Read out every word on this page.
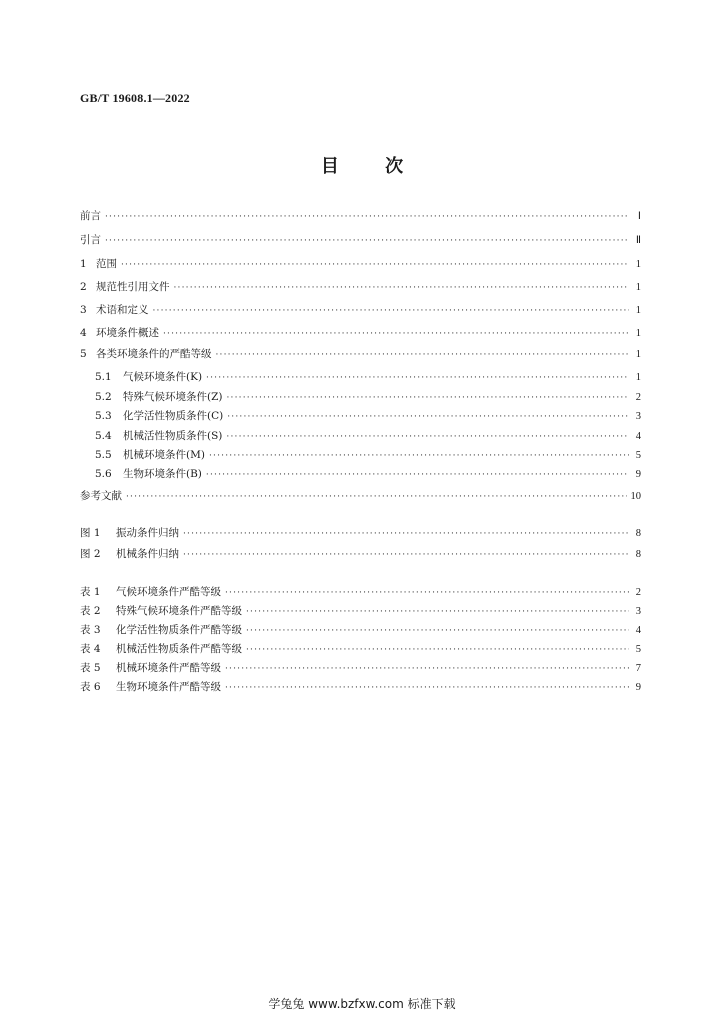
GB/T 19608.1—2022
目 次
前言 ·····	Ⅰ
引言 ·····	Ⅱ
1 范围 ·····	1
2 规范性引用文件 ·····	1
3 术语和定义 ·····	1
4 环境条件概述 ·····	1
5 各类环境条件的严酷等级 ·····	1
5.1	气候环境条件(K) ·····	1
5.2	特殊气候环境条件(Z) ·····	2
5.3	化学活性物质条件(C) ·····	3
5.4	机械活性物质条件(S) ·····	4
5.5	机械环境条件(M) ·····	5
5.6	生物环境条件(B) ·····	9
参考文献 ·····	10
图 1	振动条件归纳 ·····	8
图 2	机械条件归纳 ·····	8
表 1	气候环境条件严酷等级 ·····	2
表 2	特殊气候环境条件严酷等级 ·····	3
表 3	化学活性物质条件严酷等级 ·····	4
表 4	机械活性物质条件严酷等级 ·····	5
表 5	机械环境条件严酷等级 ·····	7
表 6	生物环境条件严酷等级 ·····	9
学兔兔 www.bzfxw.com 标准下载
